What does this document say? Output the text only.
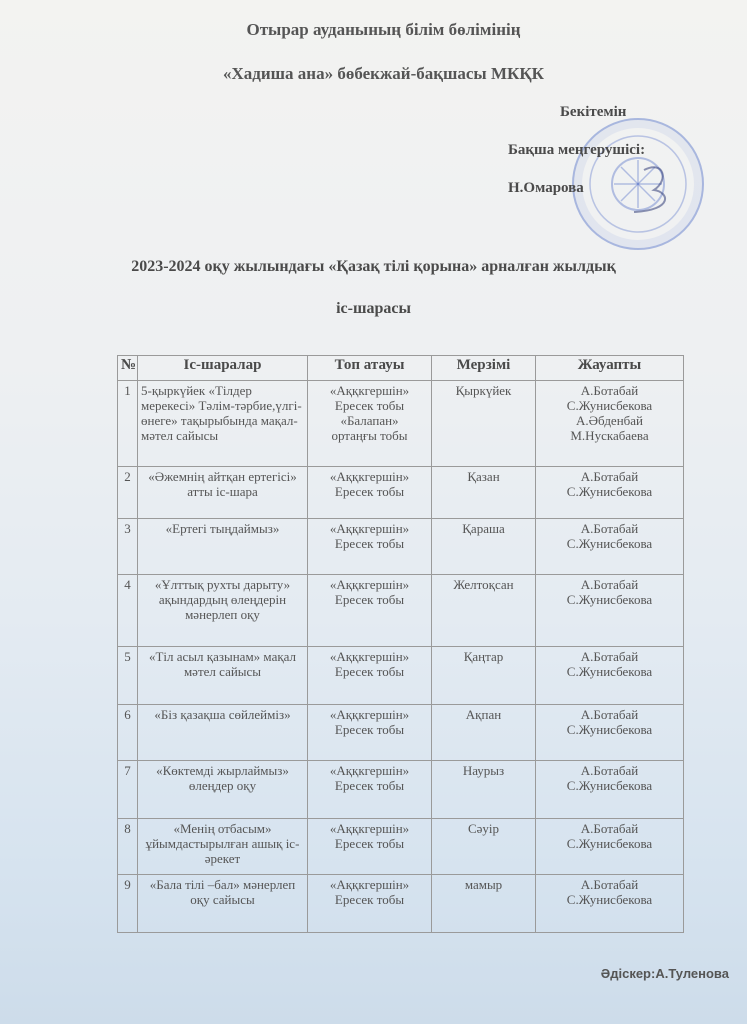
Отырар ауданының білім бөлімінің
«Хадиша ана» бөбекжай-бақшасы МКҚК
Бекітемін
Бақша меңгерушісі:
Н.Омарова
2023-2024 оқу жылындағы «Қазақ тілі қорына» арналған жылдық
іс-шарасы
№	Іс-шаралар	Топ атауы	Мерзімі	Жауапты
1	5-қыркүйек «Тілдер мерекесі» Тәлім-тәрбие,үлгі-өнеге» тақырыбында мақал-мәтел сайысы	«Аққкгершін»
Ересек тобы
«Балапан»
ортаңғы тобы	Қыркүйек	А.Ботабай
С.Жунисбекова
А.Әбденбай
М.Нускабаева

2	«Әжемнің айтқан ертегісі» атты іс-шара	«Аққкгершін»
Ересек тобы	Қазан	А.Ботабай
С.Жунисбекова

3	«Ертегі тыңдаймыз»	«Аққкгершін»
Ересек тобы	Қараша	А.Ботабай
С.Жунисбекова

4	«Ұлттық рухты дарыту» ақындардың өлеңдерін мәнерлеп оқу	«Аққкгершін»
Ересек тобы	Желтоқсан	А.Ботабай
С.Жунисбекова

5	«Тіл асыл қазынам» мақал мәтел сайысы	«Аққкгершін»
Ересек тобы	Қаңтар	А.Ботабай
С.Жунисбекова

6	«Біз қазақша сөйлейміз»	«Аққкгершін»
Ересек тобы	Ақпан	А.Ботабай
С.Жунисбекова

7	«Көктемді жырлаймыз» өлеңдер оқу	«Аққкгершін»
Ересек тобы	Наурыз	А.Ботабай
С.Жунисбекова

8	«Менің отбасым» ұйымдастырылған ашық іс-әрекет	«Аққкгершін»
Ересек тобы	Сәуір	А.Ботабай
С.Жунисбекова

9	«Бала тілі –бал» мәнерлеп оқу сайысы	«Аққкгершін»
Ересек тобы	мамыр	А.Ботабай
С.Жунисбекова
Әдіскер:А.Туленова
